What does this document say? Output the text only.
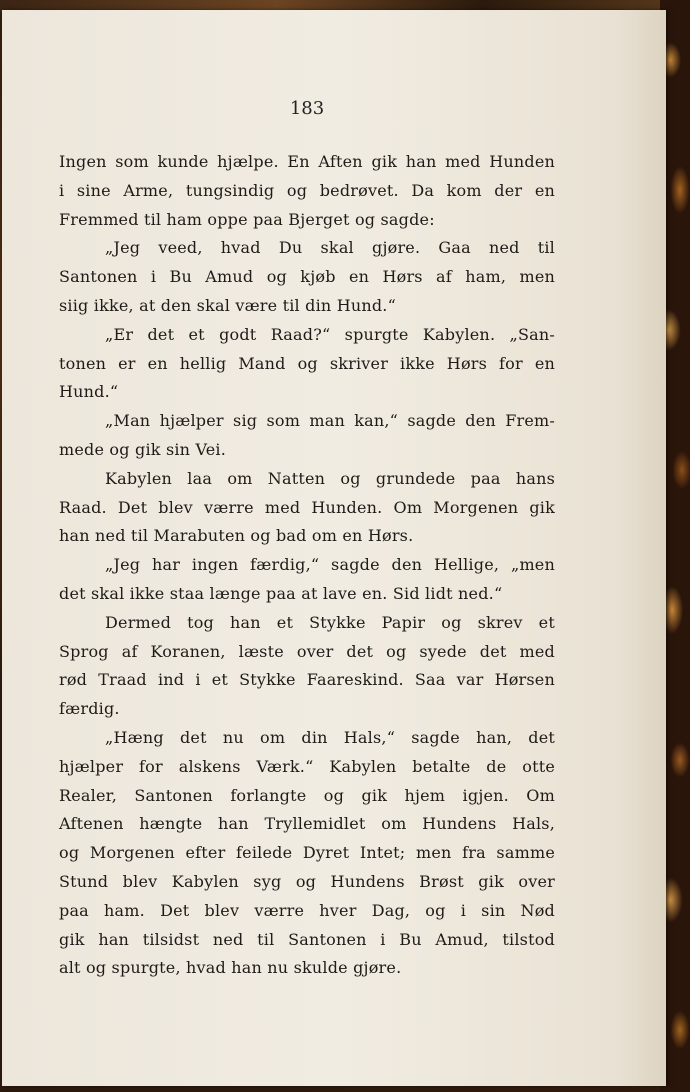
183
Ingen som kunde hjælpe. En Aften gik han med Hunden
i sine Arme, tungsindig og bedrøvet. Da kom der en
Fremmed til ham oppe paa Bjerget og sagde:
„Jeg veed, hvad Du skal gjøre. Gaa ned til
Santonen i Bu Amud og kjøb en Hørs af ham, men
siig ikke, at den skal være til din Hund.“
„Er det et godt Raad?“ spurgte Kabylen. „San-
tonen er en hellig Mand og skriver ikke Hørs for en
Hund.“
„Man hjælper sig som man kan,“ sagde den Frem-
mede og gik sin Vei.
Kabylen laa om Natten og grundede paa hans
Raad. Det blev værre med Hunden. Om Morgenen gik
han ned til Marabuten og bad om en Hørs.
„Jeg har ingen færdig,“ sagde den Hellige, „men
det skal ikke staa længe paa at lave en. Sid lidt ned.“
Dermed tog han et Stykke Papir og skrev et
Sprog af Koranen, læste over det og syede det med
rød Traad ind i et Stykke Faareskind. Saa var Hørsen
færdig.
„Hæng det nu om din Hals,“ sagde han, det
hjælper for alskens Værk.“ Kabylen betalte de otte
Realer, Santonen forlangte og gik hjem igjen. Om
Aftenen hængte han Tryllemidlet om Hundens Hals,
og Morgenen efter feilede Dyret Intet; men fra samme
Stund blev Kabylen syg og Hundens Brøst gik over
paa ham. Det blev værre hver Dag, og i sin Nød
gik han tilsidst ned til Santonen i Bu Amud, tilstod
alt og spurgte, hvad han nu skulde gjøre.
